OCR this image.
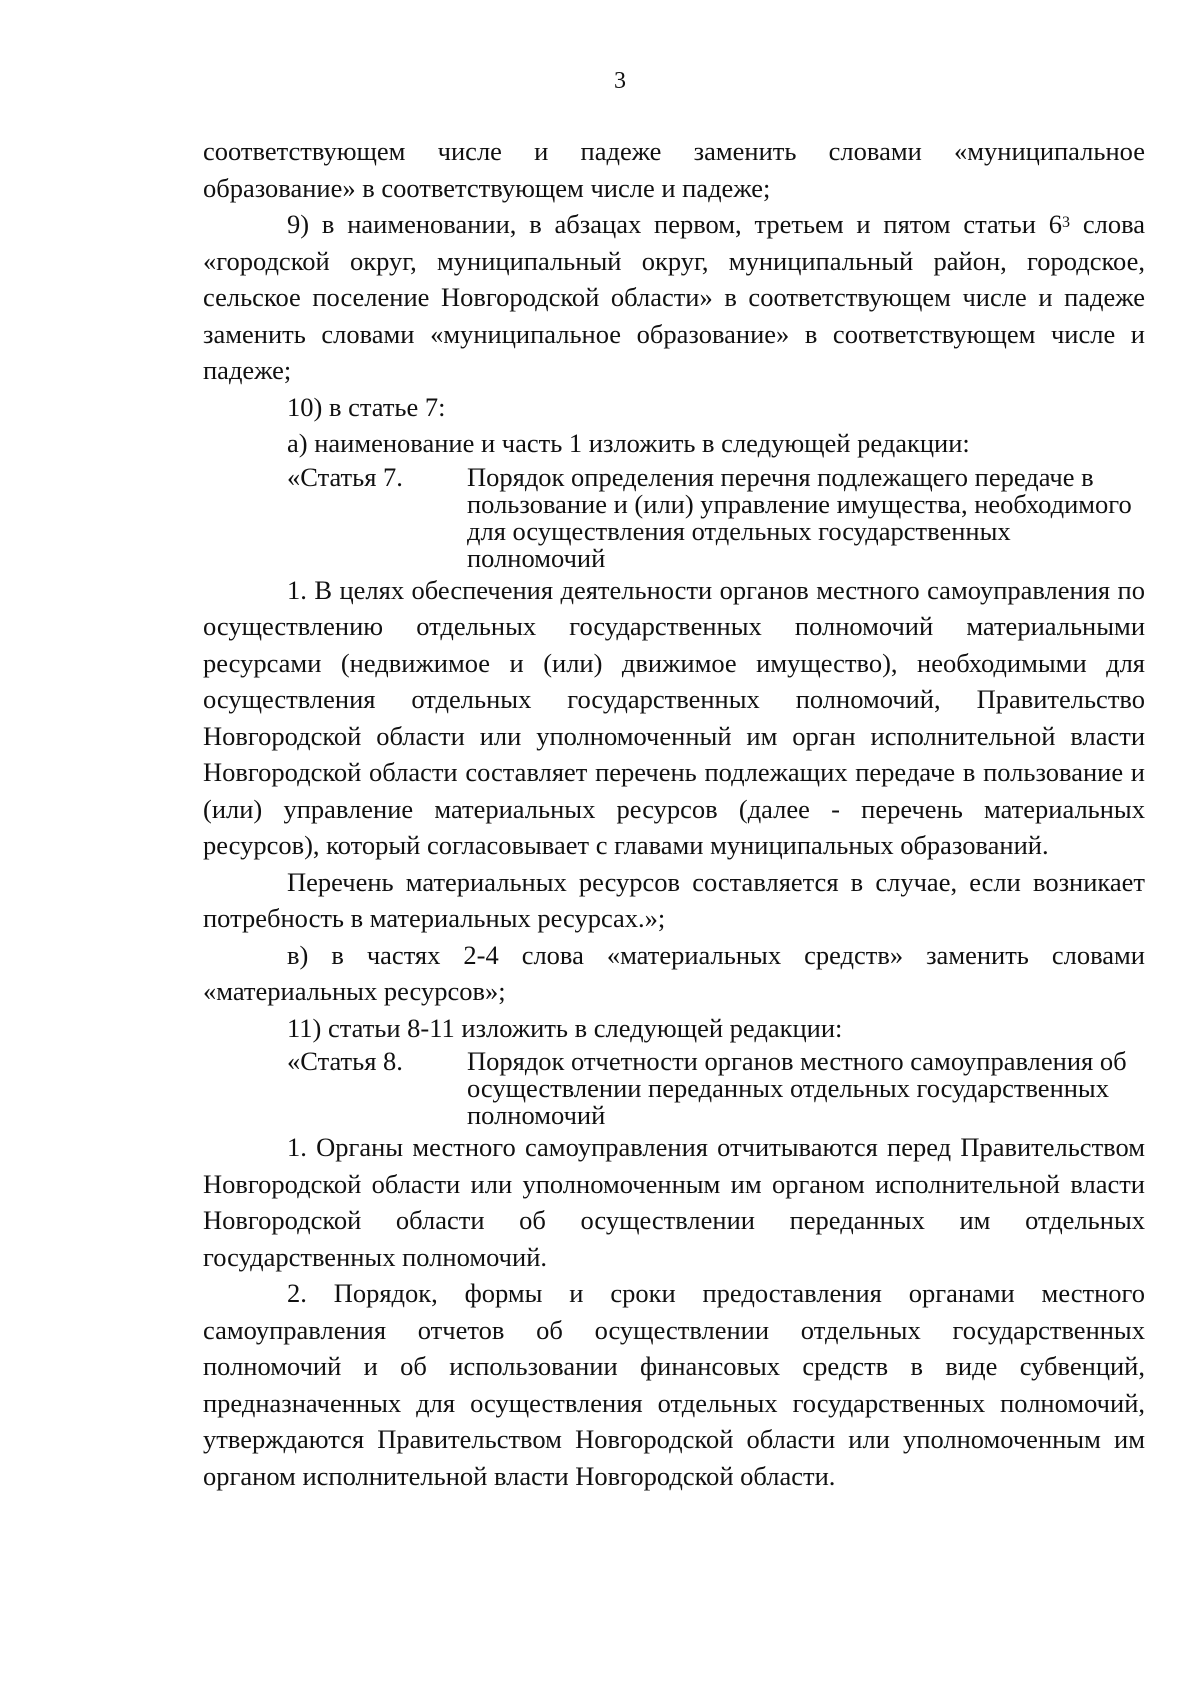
3

соответствующем числе и падеже заменить словами «муниципальное образование» в соответствующем числе и падеже;

9) в наименовании, в абзацах первом, третьем и пятом статьи $6^3$ слова «городской округ, муниципальный округ, муниципальный район, городское, сельское поселение Новгородской области» в соответствующем числе и падеже заменить словами «муниципальное образование» в соответствующем числе и падеже;

10) в статье 7:

а) наименование и часть 1 изложить в следующей редакции:

«Статья 7.	Порядок определения перечня подлежащего передаче в пользование и (или) управление имущества, необходимого для осуществления отдельных государственных полномочий

1. В целях обеспечения деятельности органов местного самоуправления по осуществлению отдельных государственных полномочий материальными ресурсами (недвижимое и (или) движимое имущество), необходимыми для осуществления отдельных государственных полномочий, Правительство Новгородской области или уполномоченный им орган исполнительной власти Новгородской области составляет перечень подлежащих передаче в пользование и (или) управление материальных ресурсов (далее - перечень материальных ресурсов), который согласовывает с главами муниципальных образований.

Перечень материальных ресурсов составляется в случае, если возникает потребность в материальных ресурсах.»;

в) в частях 2-4 слова «материальных средств» заменить словами «материальных ресурсов»;

11) статьи 8-11 изложить в следующей редакции:

«Статья 8.	Порядок отчетности органов местного самоуправления об осуществлении переданных отдельных государственных полномочий

1. Органы местного самоуправления отчитываются перед Правительством Новгородской области или уполномоченным им органом исполнительной власти Новгородской области об осуществлении переданных им отдельных государственных полномочий.

2. Порядок, формы и сроки предоставления органами местного самоуправления отчетов об осуществлении отдельных государственных полномочий и об использовании финансовых средств в виде субвенций, предназначенных для осуществления отдельных государственных полномочий, утверждаются Правительством Новгородской области или уполномоченным им органом исполнительной власти Новгородской области.
